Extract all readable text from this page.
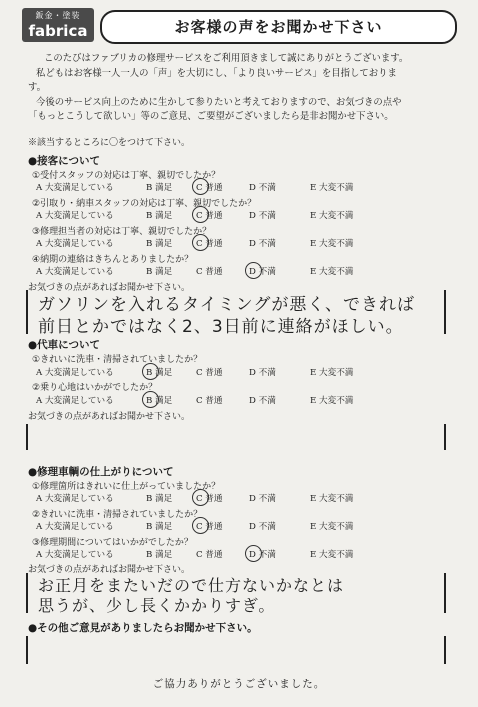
鈑金・塗装
fabrica	お客様の声をお聞かせ下さい
このたびはファブリカの修理サービスをご利用頂きまして誠にありがとうございます。
私どもはお客様一人一人の「声」を大切にし、「より良いサービス」を目指しておりま
す。
今後のサービス向上のために生かして参りたいと考えておりますので、お気づきの点や
「もっとこうして欲しい」等のご意見、ご要望がございましたら是非お聞かせ下さい。
※該当するところに〇をつけて下さい。
●接客について
①受付スタッフの対応は丁寧、親切でしたか？
A 大変満足している	B 満足	C 普通	D 不満	E 大変不満
②引取り・納車スタッフの対応は丁寧、親切でしたか？
A 大変満足している	B 満足	C 普通	D 不満	E 大変不満
③修理担当者の対応は丁寧、親切でしたか？
A 大変満足している	B 満足	C 普通	D 不満	E 大変不満
④納期の連絡はきちんとありましたか？
A 大変満足している	B 満足	C 普通	D 不満	E 大変不満
お気づきの点があればお聞かせ下さい。
ガソリンを入れるタイミングが悪く、できれば
前日とかではなく2、3日前に連絡がほしい。
●代車について
①きれいに洗車・清掃されていましたか？
A 大変満足している	B 満足	C 普通	D 不満	E 大変不満
②乗り心地はいかがでしたか？
A 大変満足している	B 満足	C 普通	D 不満	E 大変不満
お気づきの点があればお聞かせ下さい。
●修理車輌の仕上がりについて
①修理箇所はきれいに仕上がっていましたか？
A 大変満足している	B 満足	C 普通	D 不満	E 大変不満
②きれいに洗車・清掃されていましたか？
A 大変満足している	B 満足	C 普通	D 不満	E 大変不満
③修理期間についてはいかがでしたか？
A 大変満足している	B 満足	C 普通	D 不満	E 大変不満
お気づきの点があればお聞かせ下さい。
お正月をまたいだので仕方ないかなとは
思うが、少し長くかかりすぎ。
●その他ご意見がありましたらお聞かせ下さい。
ご協力ありがとうございました。
